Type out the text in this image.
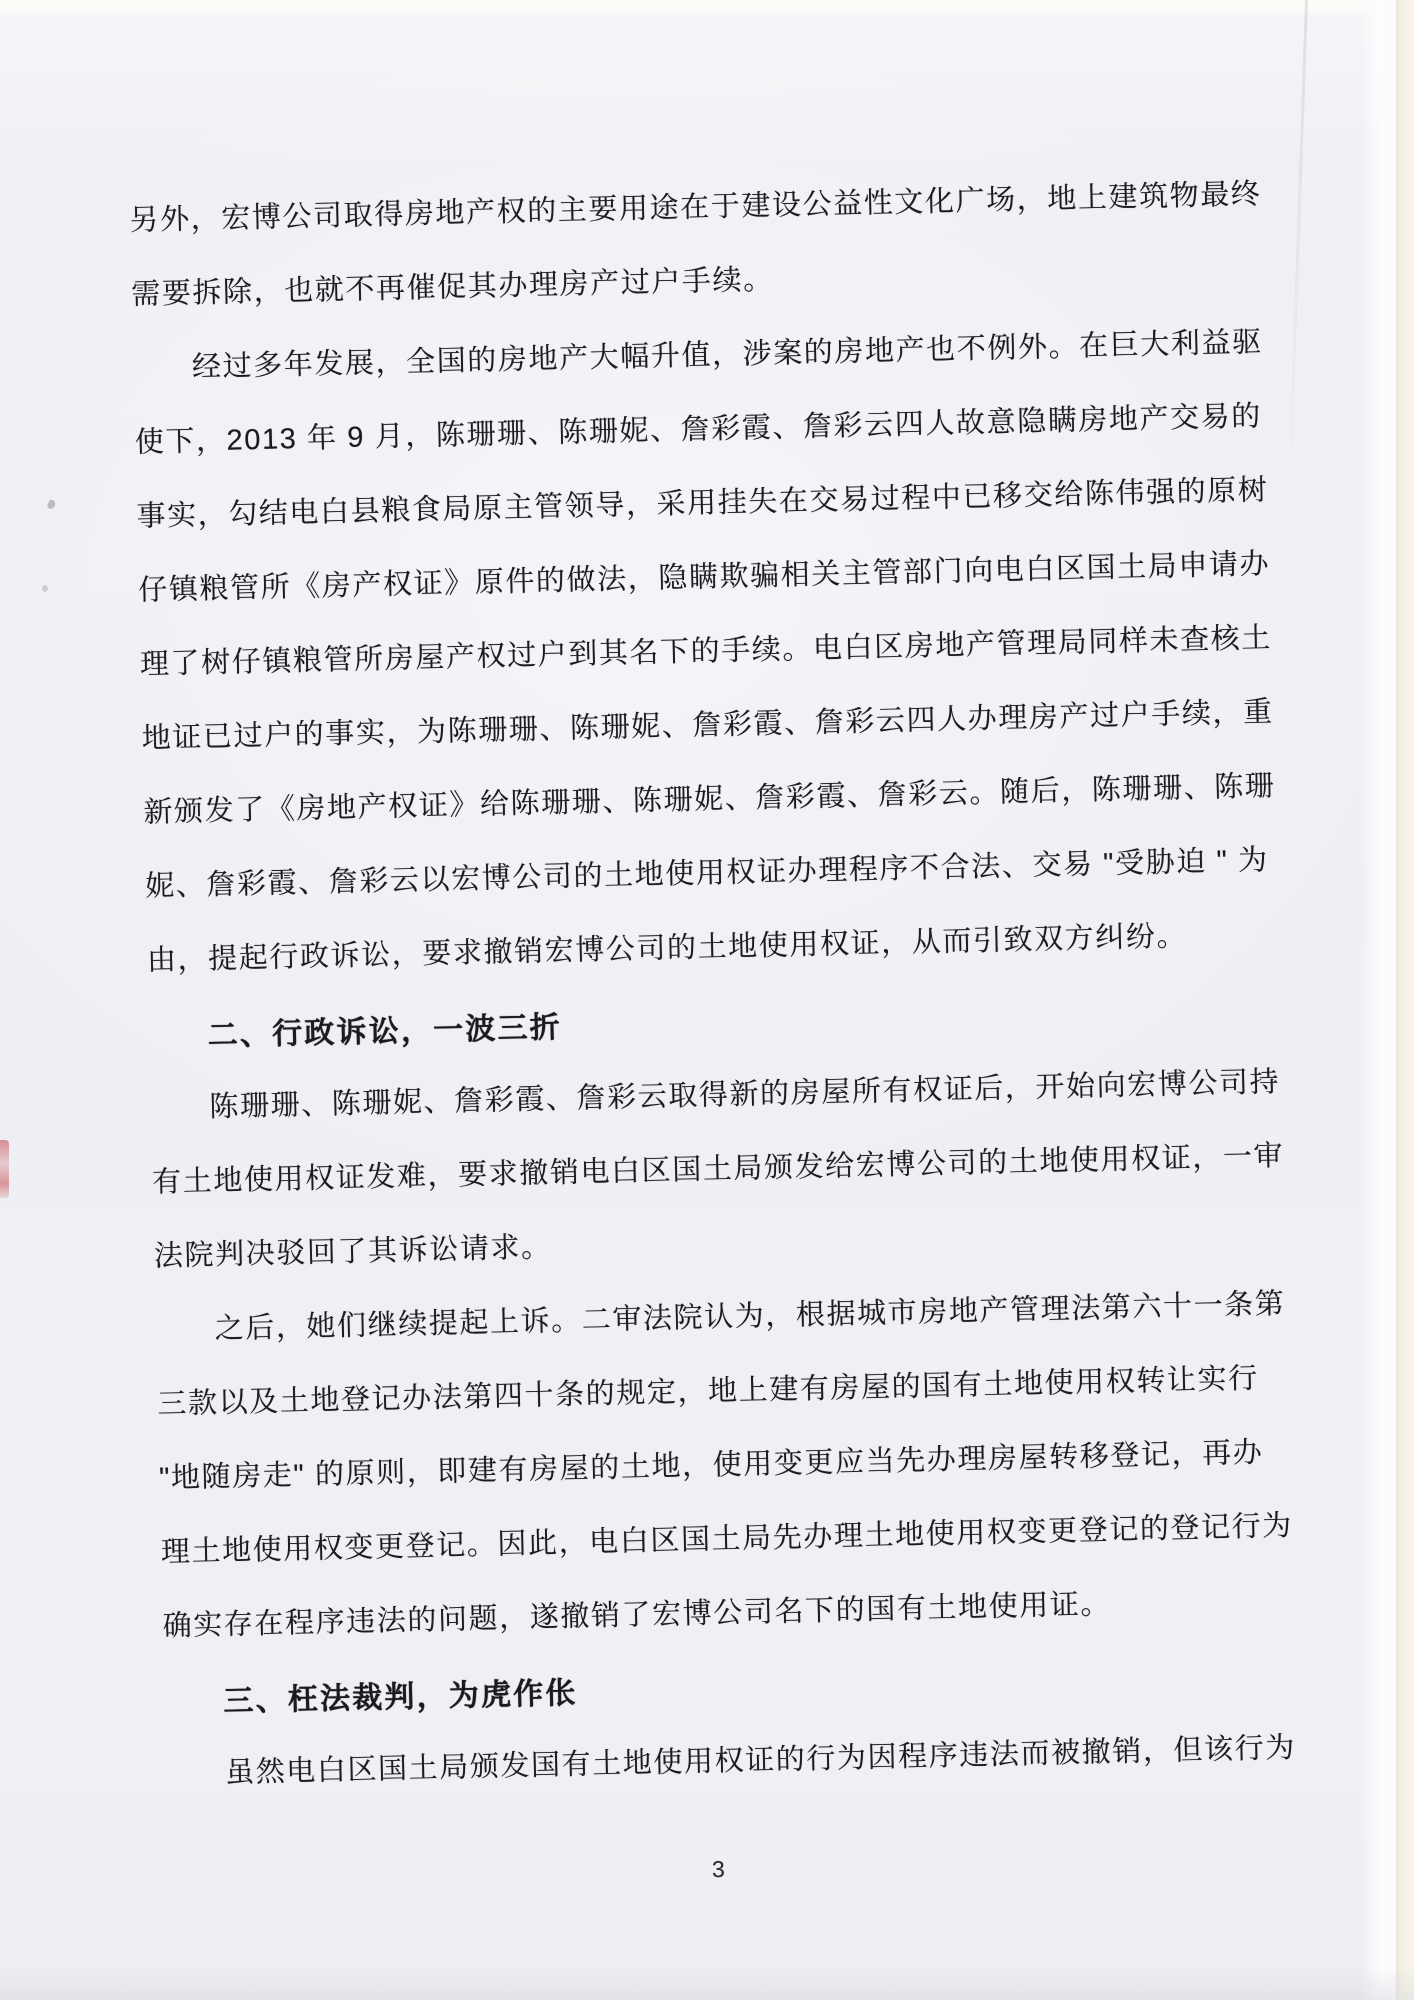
另外，宏博公司取得房地产权的主要用途在于建设公益性文化广场，地上建筑物最终
需要拆除，也就不再催促其办理房产过户手续。
经过多年发展，全国的房地产大幅升值，涉案的房地产也不例外。在巨大利益驱
使下，2013 年 9 月，陈珊珊、陈珊妮、詹彩霞、詹彩云四人故意隐瞒房地产交易的
事实，勾结电白县粮食局原主管领导，采用挂失在交易过程中已移交给陈伟强的原树
仔镇粮管所《房产权证》原件的做法，隐瞒欺骗相关主管部门向电白区国土局申请办
理了树仔镇粮管所房屋产权过户到其名下的手续。电白区房地产管理局同样未查核土
地证已过户的事实，为陈珊珊、陈珊妮、詹彩霞、詹彩云四人办理房产过户手续，重
新颁发了《房地产权证》给陈珊珊、陈珊妮、詹彩霞、詹彩云。随后，陈珊珊、陈珊
妮、詹彩霞、詹彩云以宏博公司的土地使用权证办理程序不合法、交易 "受胁迫 " 为
由，提起行政诉讼，要求撤销宏博公司的土地使用权证，从而引致双方纠纷。
二、行政诉讼，一波三折
陈珊珊、陈珊妮、詹彩霞、詹彩云取得新的房屋所有权证后，开始向宏博公司持
有土地使用权证发难，要求撤销电白区国土局颁发给宏博公司的土地使用权证，一审
法院判决驳回了其诉讼请求。
之后，她们继续提起上诉。二审法院认为，根据城市房地产管理法第六十一条第
三款以及土地登记办法第四十条的规定，地上建有房屋的国有土地使用权转让实行
"地随房走" 的原则，即建有房屋的土地，使用变更应当先办理房屋转移登记，再办
理土地使用权变更登记。因此，电白区国土局先办理土地使用权变更登记的登记行为
确实存在程序违法的问题，遂撤销了宏博公司名下的国有土地使用证。
三、枉法裁判，为虎作伥
虽然电白区国土局颁发国有土地使用权证的行为因程序违法而被撤销，但该行为
3
